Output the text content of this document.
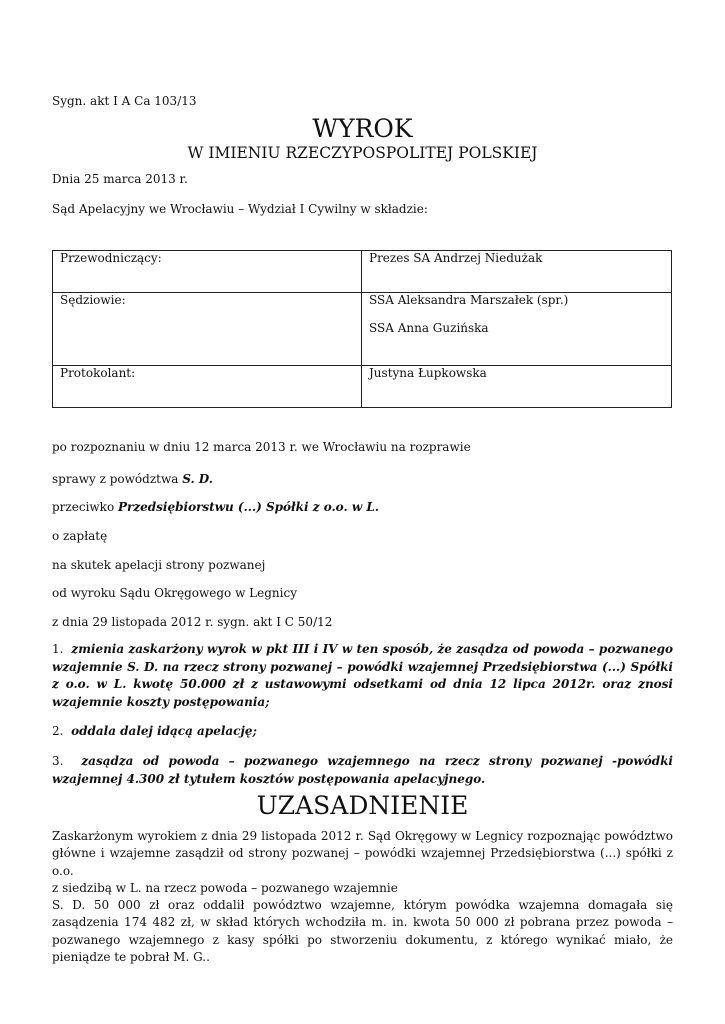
Sygn. akt I A Ca 103/13
WYROK
W IMIENIU RZECZYPOSPOLITEJ POLSKIEJ
Dnia 25 marca 2013 r.
Sąd Apelacyjny we Wrocławiu – Wydział I Cywilny w składzie:
Przewodniczący:	Prezes SA Andrzej Niedużak
Sędziowie:	SSA Aleksandra Marszałek (spr.)
SSA Anna Guzińska

Protokolant:	Justyna Łupkowska
po rozpoznaniu w dniu 12 marca 2013 r. we Wrocławiu na rozprawie
sprawy z powództwa S. D.
przeciwko Przedsiębiorstwu (...) Spółki z o.o. w L.
o zapłatę
na skutek apelacji strony pozwanej
od wyroku Sądu Okręgowego w Legnicy
z dnia 29 listopada 2012 r. sygn. akt I C 50/12
1. zmienia zaskarżony wyrok w pkt III i IV w ten sposób, że zasądza od powoda – pozwanego wzajemnie S. D. na rzecz strony pozwanej – powódki wzajemnej Przedsiębiorstwa (...) Spółki z o.o. w L. kwotę 50.000 zł z ustawowymi odsetkami od dnia 12 lipca 2012r. oraz znosi wzajemnie koszty postępowania;
2. oddala dalej idącą apelację;
3. zasądza od powoda – pozwanego wzajemnego na rzecz strony pozwanej -powódki wzajemnej 4.300 zł tytułem kosztów postępowania apelacyjnego.
UZASADNIENIE
Zaskarżonym wyrokiem z dnia 29 listopada 2012 r. Sąd Okręgowy w Legnicy rozpoznając powództwo główne i wzajemne zasądził od strony pozwanej – powódki wzajemnej Przedsiębiorstwa (...) spółki z o.o.
z siedzibą w L. na rzecz powoda – pozwanego wzajemnie
S. D. 50 000 zł oraz oddalił powództwo wzajemne, którym powódka wzajemna domagała się zasądzenia 174 482 zł, w skład których wchodziła m. in. kwota 50 000 zł pobrana przez powoda – pozwanego wzajemnego z kasy spółki po stworzeniu dokumentu, z którego wynikać miało, że pieniądze te pobrał M. G..
